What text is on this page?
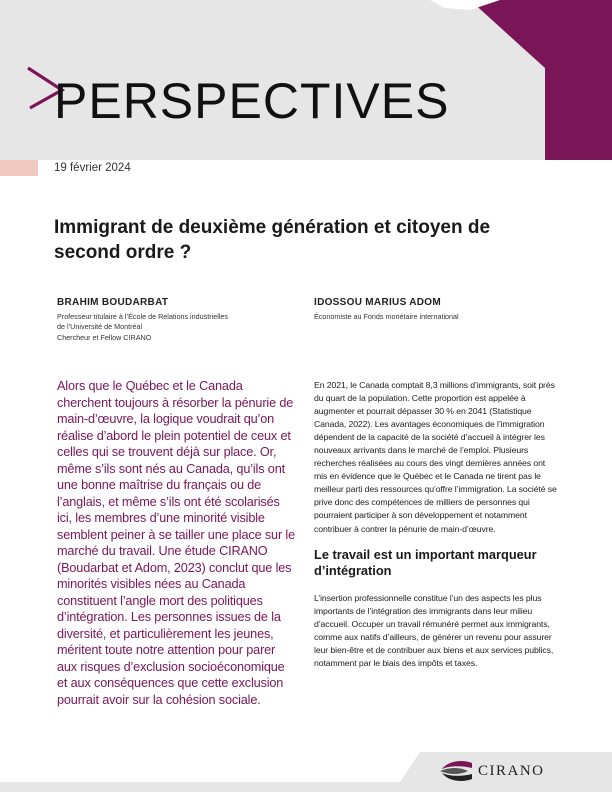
PERSPECTIVES
19 février 2024
Immigrant de deuxième génération et citoyen de second ordre ?
BRAHIM BOUDARBAT
Professeur titulaire à l’École de Relations industrielles
de l’Université de Montréal
Chercheur et Fellow CIRANO
IDOSSOU MARIUS ADOM
Économiste au Fonds monétaire international

Alors que le Québec et le Canada cherchent toujours à résorber la pénurie de main-d’œuvre, la logique voudrait qu’on réalise d’abord le plein potentiel de ceux et celles qui se trouvent déjà sur place. Or, même s’ils sont nés au Canada, qu’ils ont une bonne maîtrise du français ou de l’anglais, et même s’ils ont été scolarisés ici, les membres d’une minorité visible semblent peiner à se tailler une place sur le marché du travail. Une étude CIRANO (Boudarbat et Adom, 2023) conclut que les minorités visibles nées au Canada constituent l’angle mort des politiques d’intégration. Les personnes issues de la diversité, et particulièrement les jeunes, méritent toute notre attention pour parer aux risques d’exclusion socioéconomique et aux conséquences que cette exclusion pourrait avoir sur la cohésion sociale.

En 2021, le Canada comptait 8,3 millions d’immigrants, soit près du quart de la population. Cette proportion est appelée à augmenter et pourrait dépasser 30 % en 2041 (Statistique Canada, 2022). Les avantages économiques de l’immigration dépendent de la capacité de la société d’accueil à intégrer les nouveaux arrivants dans le marché de l’emploi. Plusieurs recherches réalisées au cours des vingt dernières années ont mis en évidence que le Québec et le Canada ne tirent pas le meilleur parti des ressources qu’offre l’immigration. La société se prive donc des compétences de milliers de personnes qui pourraient participer à son développement et notamment contribuer à contrer la pénurie de main-d’œuvre.

Le travail est un important marqueur d’intégration

L’insertion professionnelle constitue l’un des aspects les plus importants de l’intégration des immigrants dans leur milieu d’accueil. Occuper un travail rémunéré permet aux immigrants, comme aux natifs d’ailleurs, de générer un revenu pour assurer leur bien-être et de contribuer aux biens et aux services publics, notamment par le biais des impôts et taxes.

CIRANO
